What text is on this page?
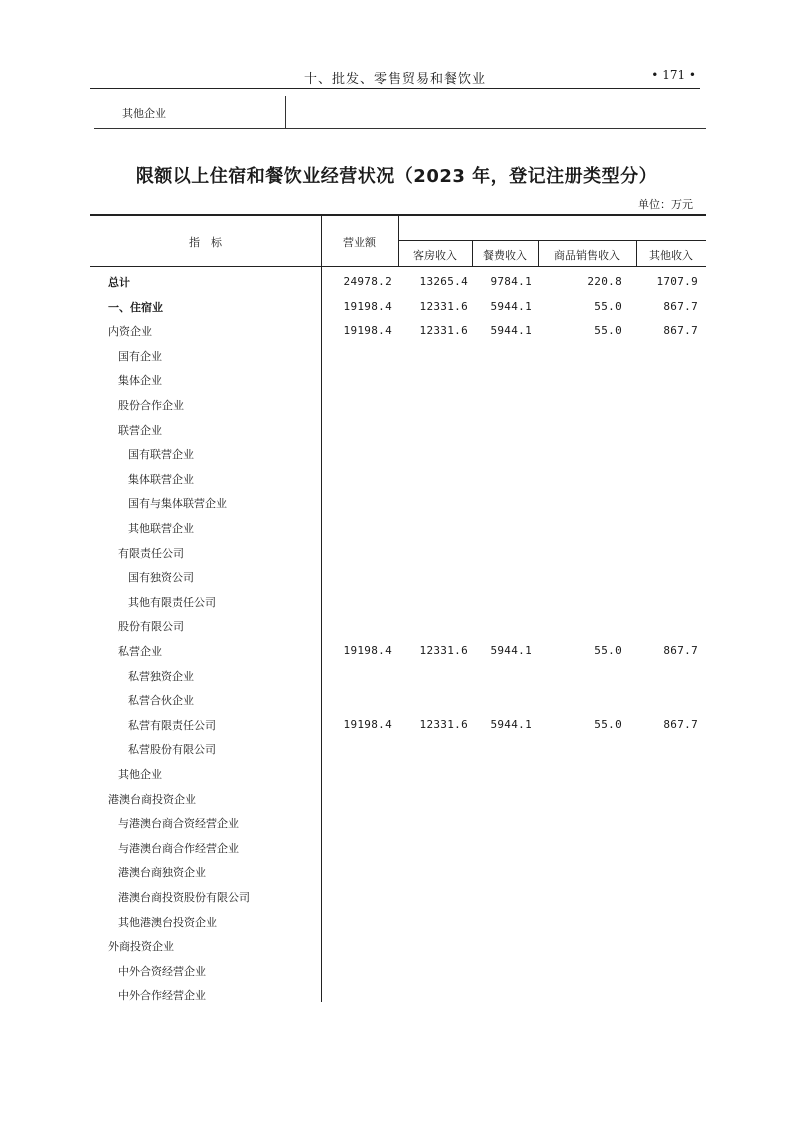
十、批发、零售贸易和餐饮业	• 171 •
其他企业
限额以上住宿和餐饮业经营状况（2023 年，登记注册类型分）
单位：万元
指　标	营业额
客房收入	餐费收入	商品销售收入	其他收入
总计	24978.2	13265.4 9784.1	220.8	1707.9
一、住宿业	19198.4	12331.6 5944.1	55.0	867.7
内资企业	19198.4	12331.6 5944.1	55.0	867.7
国有企业
集体企业
股份合作企业
联营企业
国有联营企业
集体联营企业
国有与集体联营企业
其他联营企业
有限责任公司
国有独资公司
其他有限责任公司
股份有限公司
私营企业	19198.4	12331.6 5944.1	55.0	867.7
私营独资企业
私营合伙企业
私营有限责任公司	19198.4	12331.6 5944.1	55.0	867.7
私营股份有限公司
其他企业
港澳台商投资企业
与港澳台商合资经营企业
与港澳台商合作经营企业
港澳台商独资企业
港澳台商投资股份有限公司
其他港澳台投资企业
外商投资企业
中外合资经营企业
中外合作经营企业
